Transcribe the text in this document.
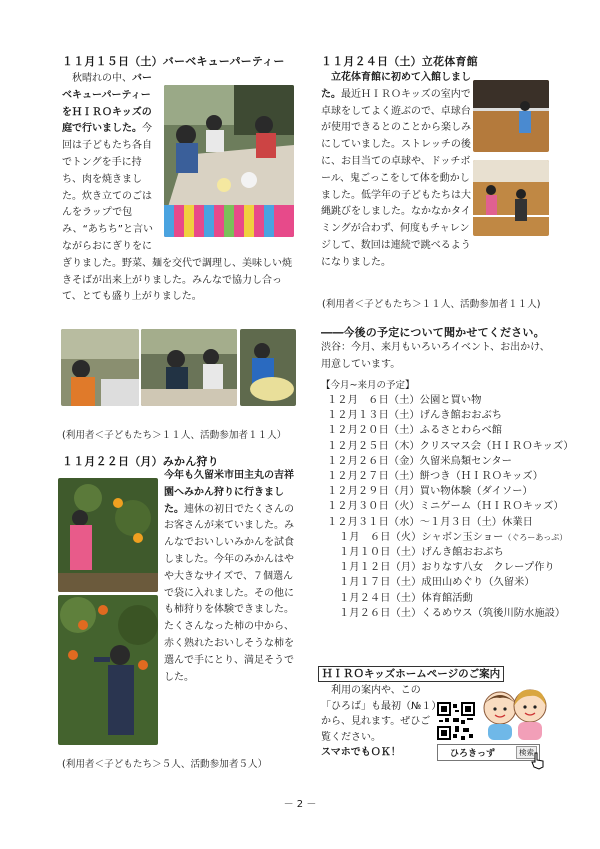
１１月１５日（土）バーベキューパーティー
秋晴れの中、バーベキューパーティーをＨＩＲＯキッズの庭で行いました。今回は子どもたち各自でトングを手に持ち、肉を焼きました。炊き立てのごはんをラップで包み、“あちち”と言いながらおにぎりをにぎりました。野菜、麺を交代で調理し、美味しい焼きそばが出来上がりました。みんなで協力し合って、とても盛り上がりました。
(利用者＜子どもたち＞１１人、活動参加者１１人）
１１月２２日（月）みかん狩り
今年も久留米市田主丸の吉祥園へみかん狩りに行きました。連休の初日でたくさんのお客さんが来ていました。みんなでおいしいみかんを試食しました。今年のみかんはやや大きなサイズで、７個選んで袋に入れました。その他にも柿狩りを体験できました。たくさんなった柿の中から、赤く熟れたおいしそうな柿を選んで手にとり、満足そうでした。
(利用者＜子どもたち＞５人、活動参加者５人）
１１月２４日（土）立花体育館
立花体育館に初めて入館しました。最近ＨＩＲＯキッズの室内で卓球をしてよく遊ぶので、卓球台が使用できるとのことから楽しみにしていました。ストレッチの後に、お目当ての卓球や、ドッチボール、鬼ごっこをして体を動かしました。低学年の子どもたちは大縄跳びをしました。なかなかタイミングが合わず、何度もチャレンジして、数回は連続で跳べるようになりました。
(利用者＜子どもたち＞１１人、活動参加者１１人)
――今後の予定について聞かせてください。
渋谷：今月、来月もいろいろイベント、お出かけ、用意しています。
【今月~来月の予定】
１２月　６日（土）公園と買い物
１２月１３日（土）げんき館おおぶち
１２月２０日（土）ふるさとわらべ館
１２月２５日（木）クリスマス会（ＨＩＲＯキッズ）
１２月２６日（金）久留米鳥類センター
１２月２７日（土）餅つき（ＨＩＲＯキッズ）
１２月２９日（月）買い物体験（ダイソー）
１２月３０日（火）ミニゲーム（ＨＩＲＯキッズ）
１２月３１日（水）～１月３日（土）休業日
１月　６日（火）シャボン玉ショー（ぐろーあっぷ）
１月１０日（土）げんき館おおぶち
１月１２日（月）おりなす八女　クレープ作り
１月１７日（土）成田山めぐり（久留米）
１月２４日（土）体育館活動
１月２６日（土）くるめウス（筑後川防水施設）
ＨＩＲＯキッズホームページのご案内
利用の案内や、この「ひろば」も最初（№１）から、見れます。ぜひご覧ください。
スマホでもＯＫ！	ひろきっず	検索
－ 2 －
